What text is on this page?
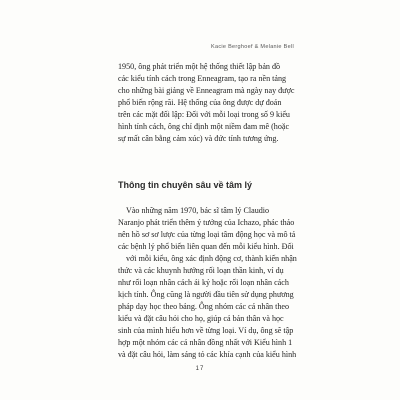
Kacie Berghoef & Melanie Bell

1950, ông phát triển một hệ thống thiết lập bản đồ
các kiểu tính cách trong Enneagram, tạo ra nền tảng
cho những bài giảng về Enneagram mà ngày nay được
phổ biến rộng rãi. Hệ thống của ông được dự đoán
trên các mặt đối lập: Đối với mỗi loại trong số 9 kiểu
hình tính cách, ông chỉ định một niềm đam mê (hoặc
sự mất cân bằng cảm xúc) và đức tính tương ứng.

Thông tin chuyên sâu về tâm lý

Vào những năm 1970, bác sĩ tâm lý Claudio
Naranjo phát triển thêm ý tưởng của Ichazo, phác thảo
nên hồ sơ sơ lược của từng loại tâm động học và mô tả
các bệnh lý phổ biến liên quan đến mỗi kiểu hình. Đối
với mỗi kiểu, ông xác định động cơ, thành kiến nhận
thức và các khuynh hướng rối loạn thần kinh, ví dụ
như rối loạn nhân cách ái kỷ hoặc rối loạn nhân cách
kịch tính. Ông cũng là người đầu tiên sử dụng phương
pháp dạy học theo bảng. Ông nhóm các cá nhân theo
kiểu và đặt câu hỏi cho họ, giúp cả bản thân và học
sinh của mình hiểu hơn về từng loại. Ví dụ, ông sẽ tập
hợp một nhóm các cá nhân đồng nhất với Kiểu hình 1
và đặt câu hỏi, làm sáng tỏ các khía cạnh của kiểu hình

17
